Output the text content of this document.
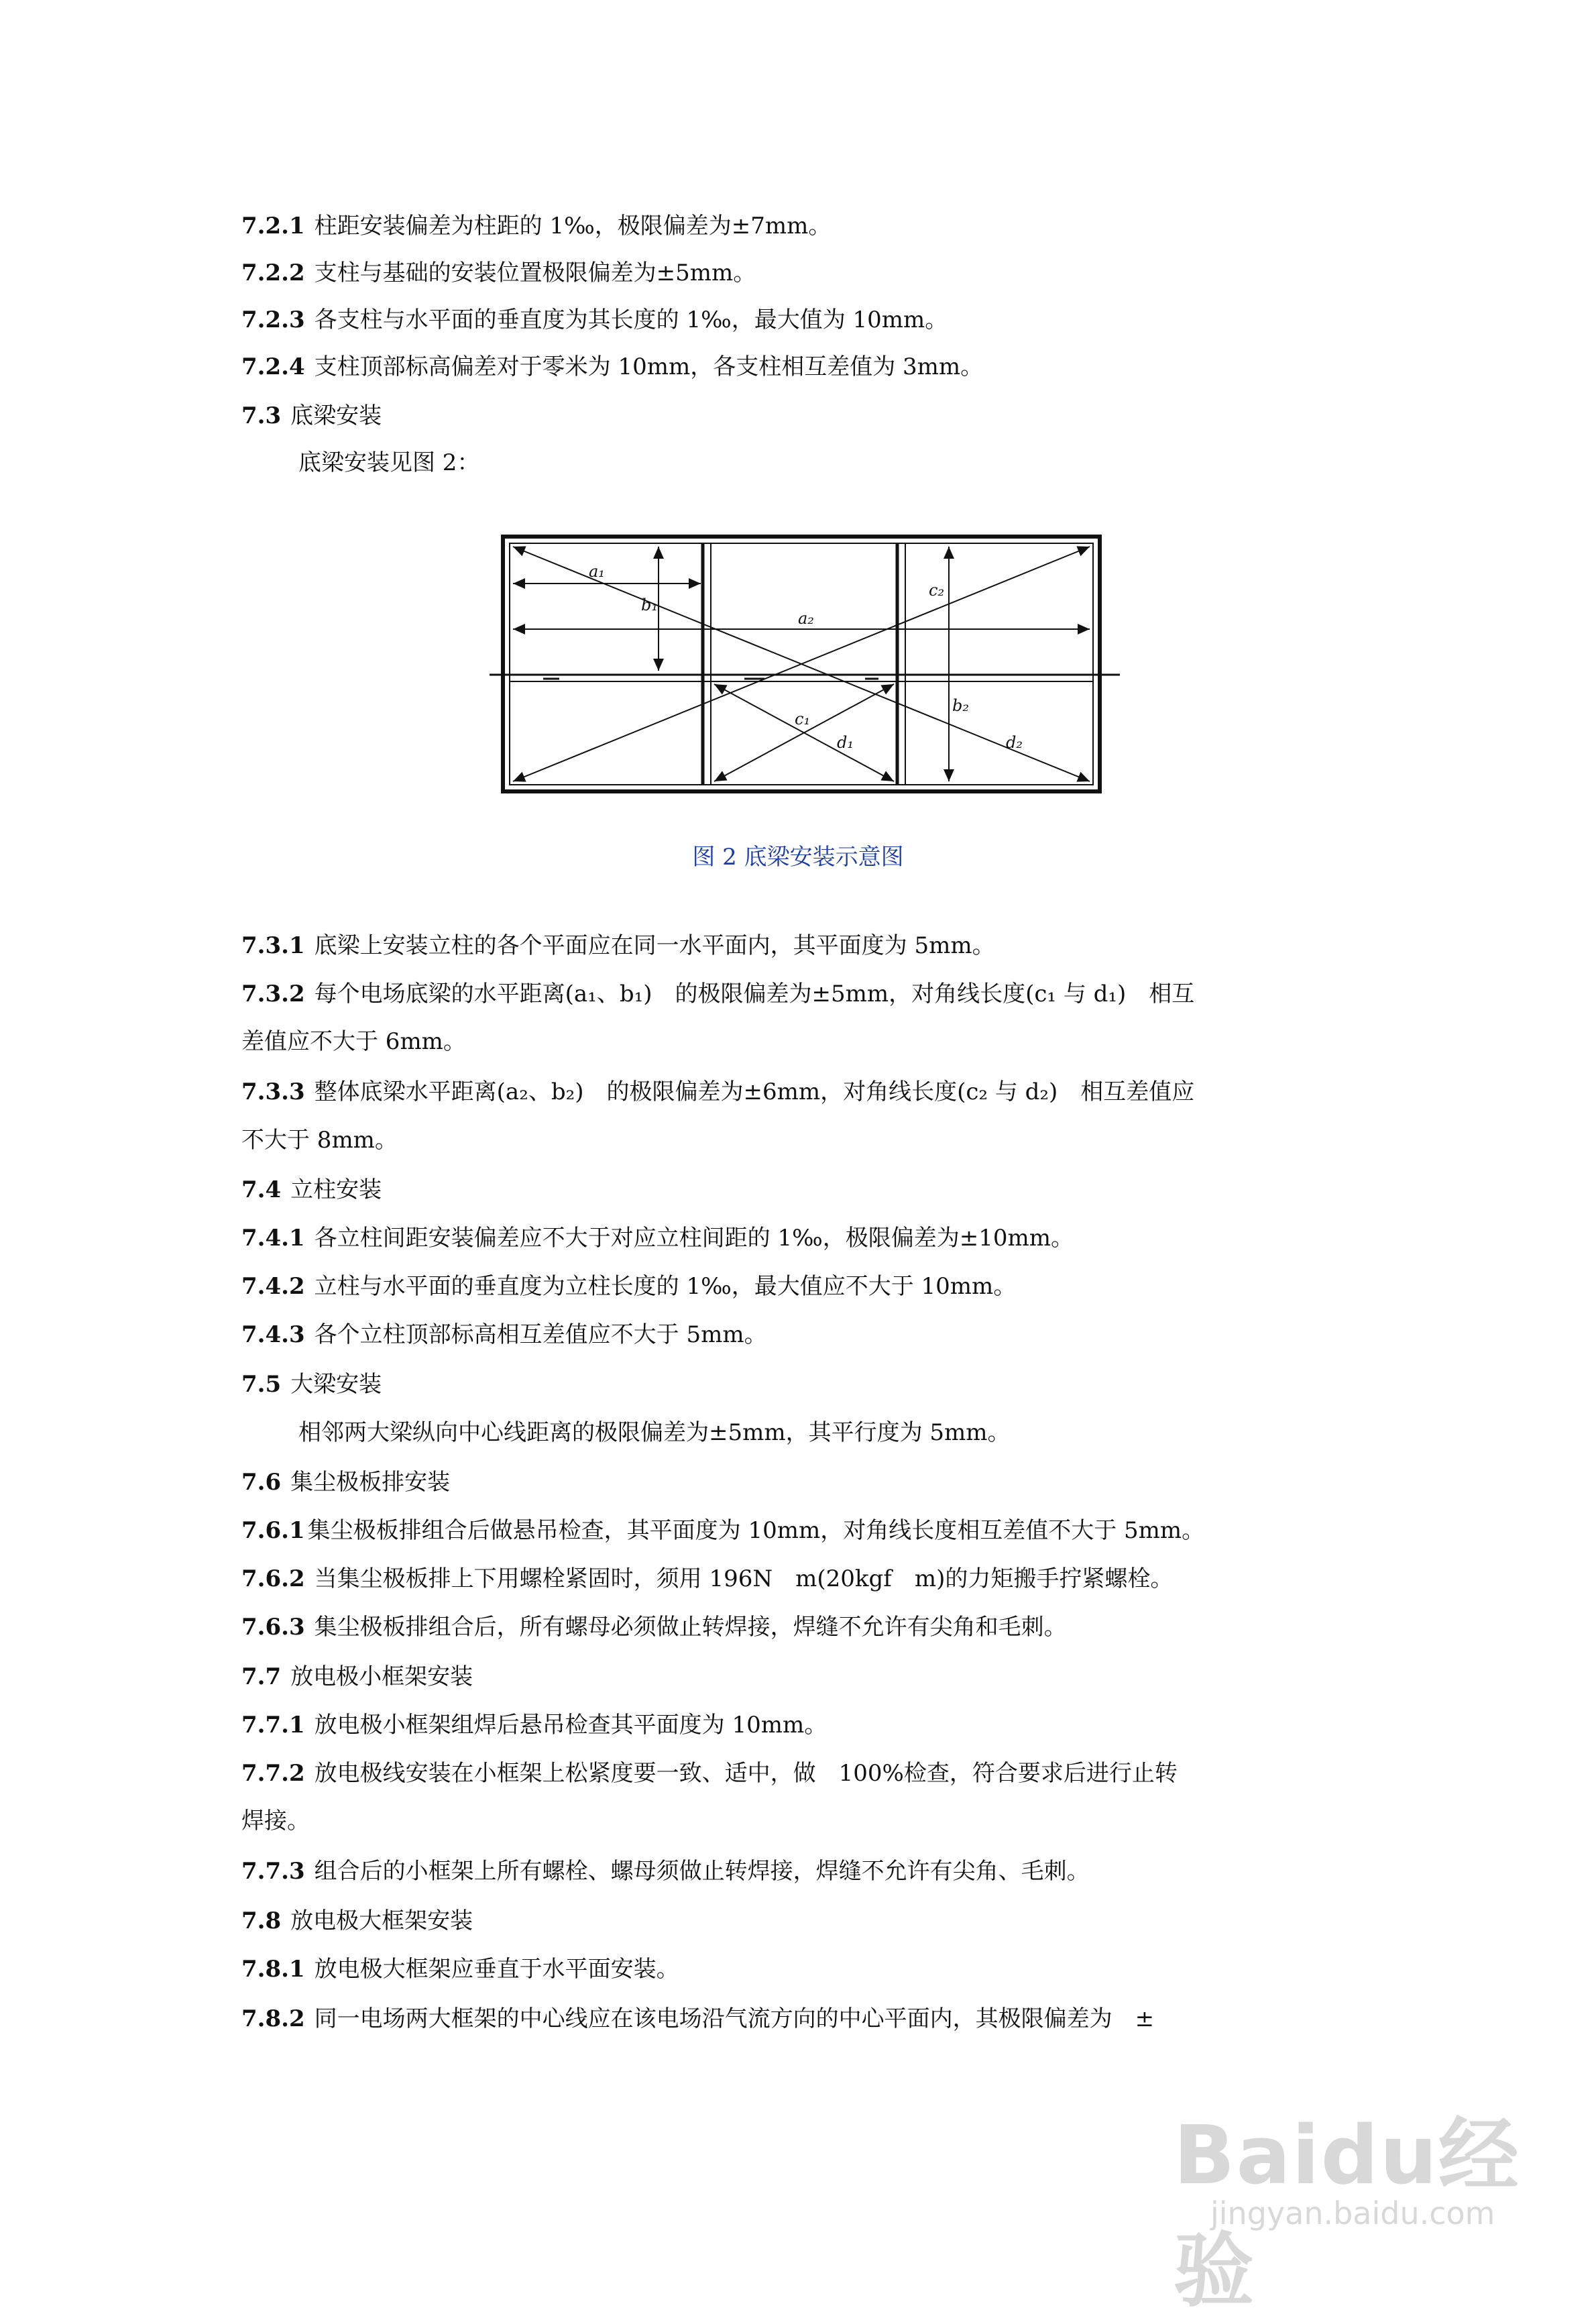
7.2.1 柱距安装偏差为柱距的 1‰，极限偏差为±7mm。
7.2.2 支柱与基础的安装位置极限偏差为±5mm。
7.2.3 各支柱与水平面的垂直度为其长度的 1‰，最大值为 10mm。
7.2.4 支柱顶部标高偏差对于零米为 10mm，各支柱相互差值为 3mm。
7.3 底梁安装
底梁安装见图 2：
a₁
b₁
a₂
c₂
c₁
d₁
b₂
d₂
图 2 底梁安装示意图
7.3.1 底梁上安装立柱的各个平面应在同一水平面内，其平面度为 5mm。
7.3.2 每个电场底梁的水平距离(a₁、b₁)　的极限偏差为±5mm，对角线长度(c₁ 与 d₁)　相互
差值应不大于 6mm。
7.3.3 整体底梁水平距离(a₂、b₂)　的极限偏差为±6mm，对角线长度(c₂ 与 d₂)　相互差值应
不大于 8mm。
7.4 立柱安装
7.4.1 各立柱间距安装偏差应不大于对应立柱间距的 1‰，极限偏差为±10mm。
7.4.2 立柱与水平面的垂直度为立柱长度的 1‰，最大值应不大于 10mm。
7.4.3 各个立柱顶部标高相互差值应不大于 5mm。
7.5 大梁安装
相邻两大梁纵向中心线距离的极限偏差为±5mm，其平行度为 5mm。
7.6 集尘极板排安装
7.6.1 集尘极板排组合后做悬吊检查，其平面度为 10mm，对角线长度相互差值不大于 5mm。
7.6.2 当集尘极板排上下用螺栓紧固时，须用 196N　m(20kgf　m)的力矩搬手拧紧螺栓。
7.6.3 集尘极板排组合后，所有螺母必须做止转焊接，焊缝不允许有尖角和毛刺。
7.7 放电极小框架安装
7.7.1 放电极小框架组焊后悬吊检查其平面度为 10mm。
7.7.2 放电极线安装在小框架上松紧度要一致、适中，做　100%检查，符合要求后进行止转
焊接。
7.7.3 组合后的小框架上所有螺栓、螺母须做止转焊接，焊缝不允许有尖角、毛刺。
7.8 放电极大框架安装
7.8.1 放电极大框架应垂直于水平面安装。
7.8.2 同一电场两大框架的中心线应在该电场沿气流方向的中心平面内，其极限偏差为　±
Baidu经验
jingyan.baidu.com
